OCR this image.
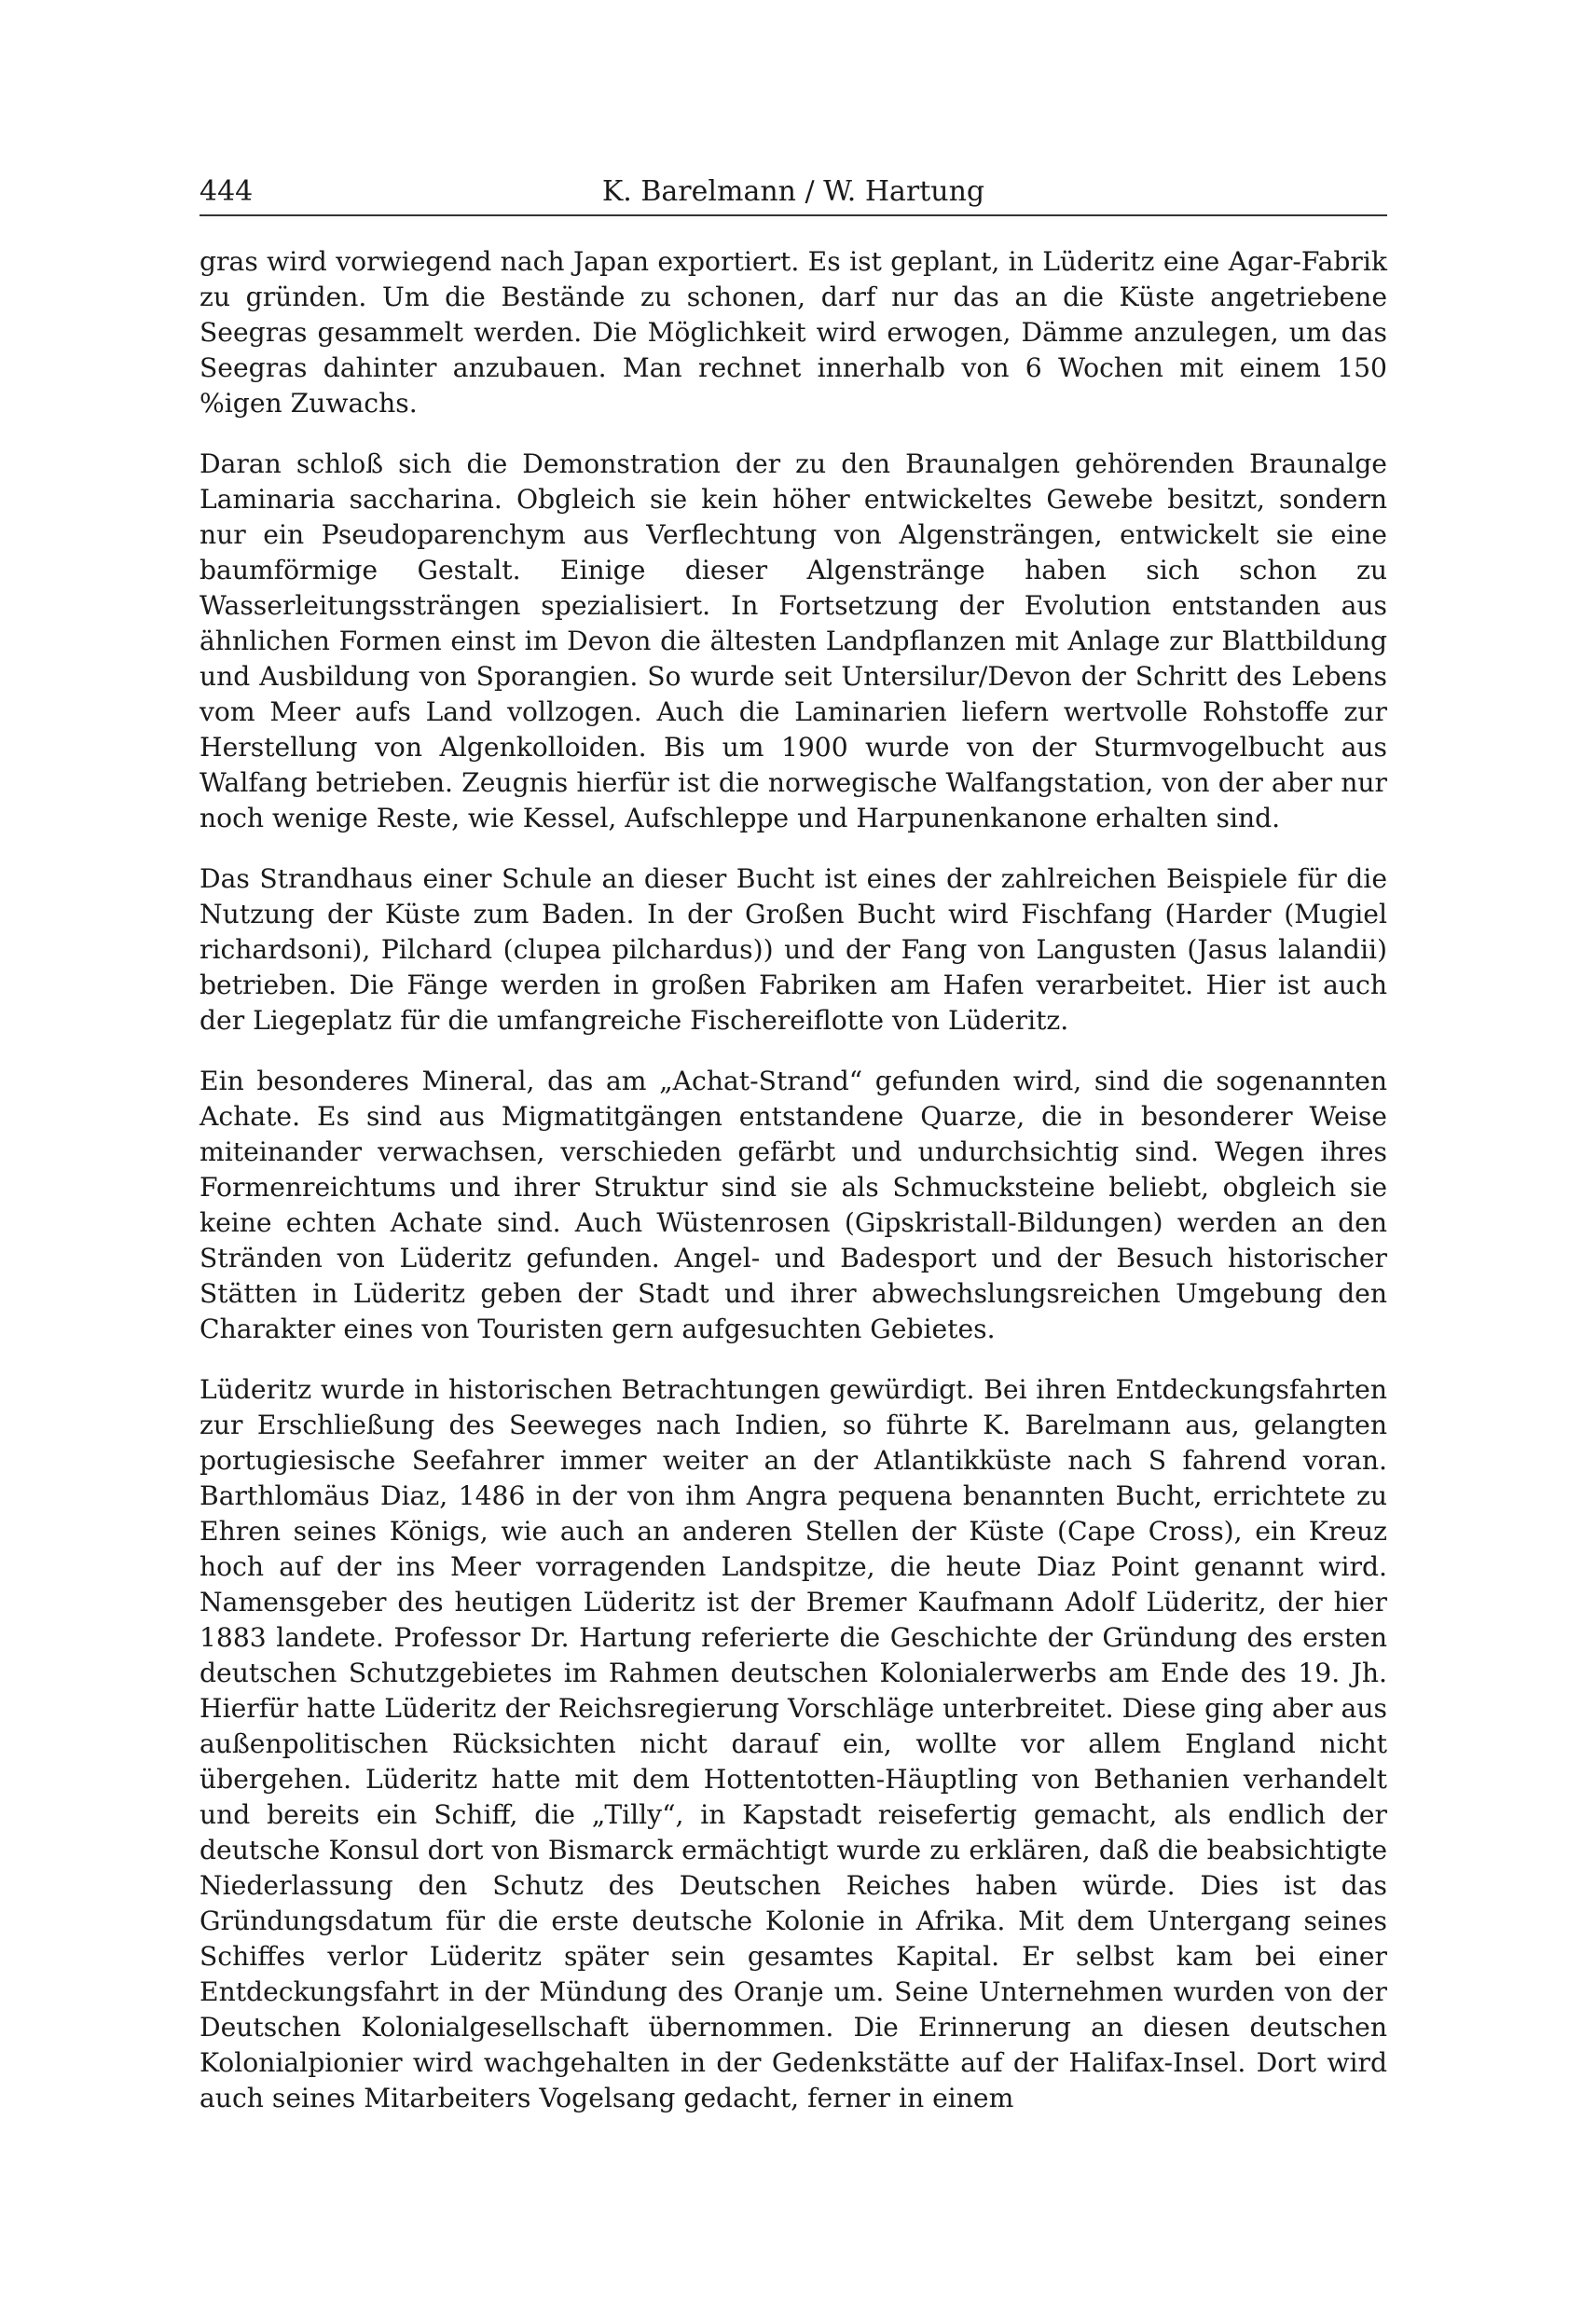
444	K. Barelmann / W. Hartung

gras wird vorwiegend nach Japan exportiert. Es ist geplant, in Lüderitz eine Agar-Fabrik zu gründen. Um die Bestände zu schonen, darf nur das an die Küste angetriebene Seegras gesammelt werden. Die Möglichkeit wird erwogen, Dämme anzulegen, um das Seegras dahinter anzubauen. Man rechnet innerhalb von 6 Wochen mit einem 150 %igen Zuwachs.

Daran schloß sich die Demonstration der zu den Braunalgen gehörenden Braunalge Laminaria saccharina. Obgleich sie kein höher entwickeltes Gewebe besitzt, sondern nur ein Pseudoparenchym aus Verflechtung von Algensträngen, entwickelt sie eine baumförmige Gestalt. Einige dieser Algenstränge haben sich schon zu Wasserleitungssträngen spezialisiert. In Fortsetzung der Evolution entstanden aus ähnlichen Formen einst im Devon die ältesten Landpflanzen mit Anlage zur Blattbildung und Ausbildung von Sporangien. So wurde seit Untersilur/Devon der Schritt des Lebens vom Meer aufs Land vollzogen. Auch die Laminarien liefern wertvolle Rohstoffe zur Herstellung von Algenkolloiden. Bis um 1900 wurde von der Sturmvogelbucht aus Walfang betrieben. Zeugnis hierfür ist die norwegische Walfangstation, von der aber nur noch wenige Reste, wie Kessel, Aufschleppe und Harpunenkanone erhalten sind.

Das Strandhaus einer Schule an dieser Bucht ist eines der zahlreichen Beispiele für die Nutzung der Küste zum Baden. In der Großen Bucht wird Fischfang (Harder (Mugiel richardsoni), Pilchard (clupea pilchardus)) und der Fang von Langusten (Jasus lalandii) betrieben. Die Fänge werden in großen Fabriken am Hafen verarbeitet. Hier ist auch der Liegeplatz für die umfangreiche Fischereiflotte von Lüderitz.

Ein besonderes Mineral, das am „Achat-Strand“ gefunden wird, sind die sogenannten Achate. Es sind aus Migmatitgängen entstandene Quarze, die in besonderer Weise miteinander verwachsen, verschieden gefärbt und undurchsichtig sind. Wegen ihres Formenreichtums und ihrer Struktur sind sie als Schmucksteine beliebt, obgleich sie keine echten Achate sind. Auch Wüstenrosen (Gipskristall-Bildungen) werden an den Stränden von Lüderitz gefunden. Angel- und Badesport und der Besuch historischer Stätten in Lüderitz geben der Stadt und ihrer abwechslungsreichen Umgebung den Charakter eines von Touristen gern aufgesuchten Gebietes.

Lüderitz wurde in historischen Betrachtungen gewürdigt. Bei ihren Entdeckungsfahrten zur Erschließung des Seeweges nach Indien, so führte K. Barelmann aus, gelangten portugiesische Seefahrer immer weiter an der Atlantikküste nach S fahrend voran. Barthlomäus Diaz, 1486 in der von ihm Angra pequena benannten Bucht, errichtete zu Ehren seines Königs, wie auch an anderen Stellen der Küste (Cape Cross), ein Kreuz hoch auf der ins Meer vorragenden Landspitze, die heute Diaz Point genannt wird. Namensgeber des heutigen Lüderitz ist der Bremer Kaufmann Adolf Lüderitz, der hier 1883 landete. Professor Dr. Hartung referierte die Geschichte der Gründung des ersten deutschen Schutzgebietes im Rahmen deutschen Kolonialerwerbs am Ende des 19. Jh. Hierfür hatte Lüderitz der Reichsregierung Vorschläge unterbreitet. Diese ging aber aus außenpolitischen Rücksichten nicht darauf ein, wollte vor allem England nicht übergehen. Lüderitz hatte mit dem Hottentotten-Häuptling von Bethanien verhandelt und bereits ein Schiff, die „Tilly“, in Kapstadt reisefertig gemacht, als endlich der deutsche Konsul dort von Bismarck ermächtigt wurde zu erklären, daß die beabsichtigte Niederlassung den Schutz des Deutschen Reiches haben würde. Dies ist das Gründungsdatum für die erste deutsche Kolonie in Afrika. Mit dem Untergang seines Schiffes verlor Lüderitz später sein gesamtes Kapital. Er selbst kam bei einer Entdeckungsfahrt in der Mündung des Oranje um. Seine Unternehmen wurden von der Deutschen Kolonialgesellschaft übernommen. Die Erinnerung an diesen deutschen Kolonialpionier wird wachgehalten in der Gedenkstätte auf der Halifax-Insel. Dort wird auch seines Mitarbeiters Vogelsang gedacht, ferner in einem
